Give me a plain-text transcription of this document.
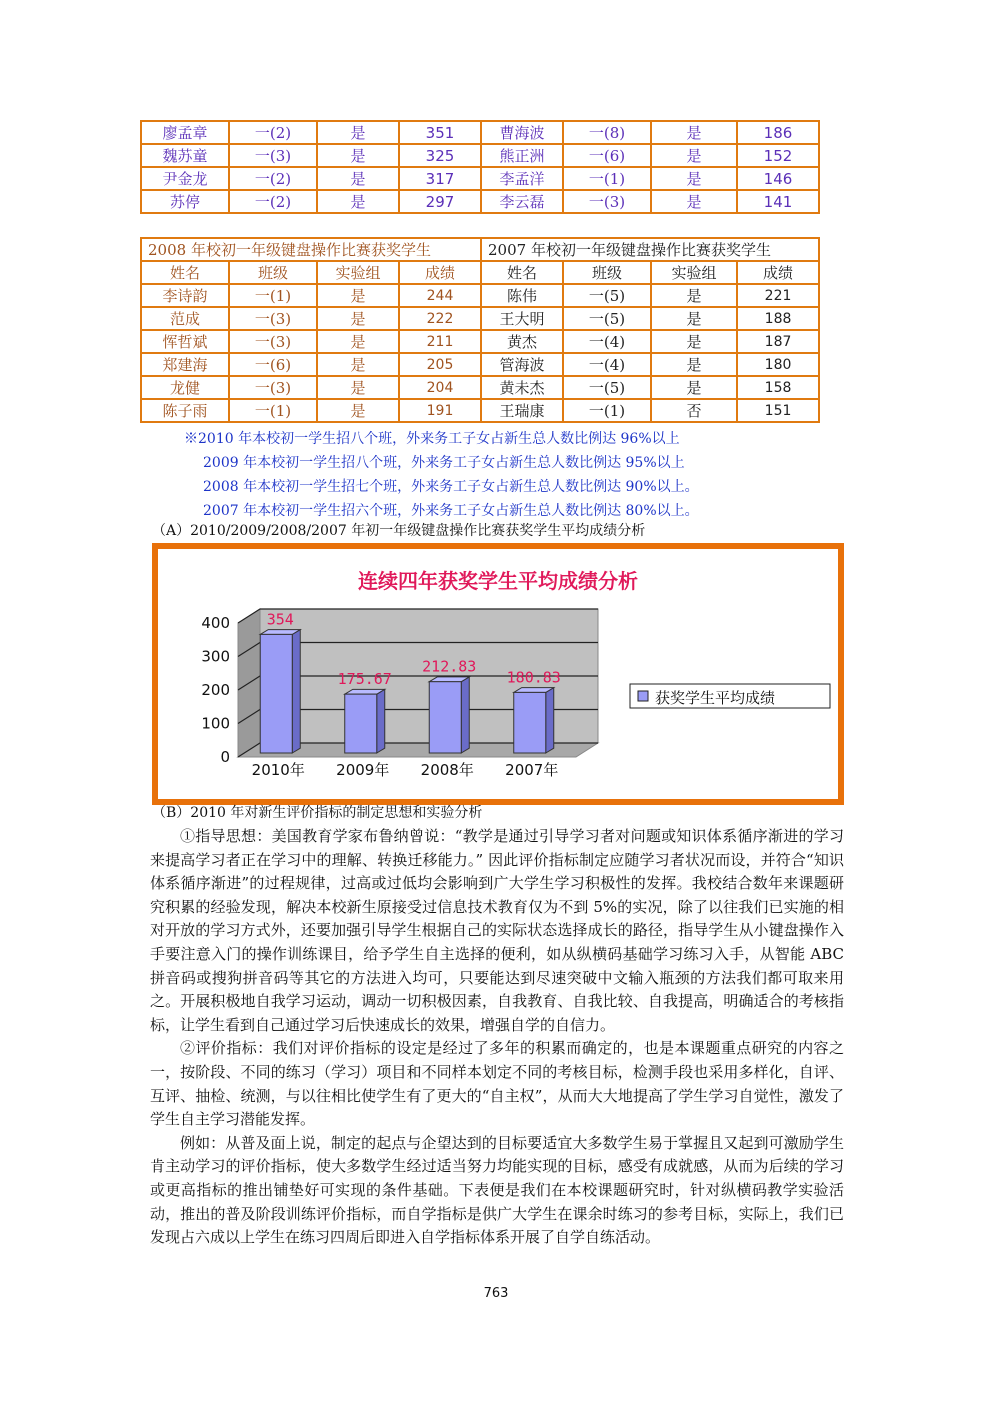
廖孟章	一(2)	是	351	曹海波	一(8)	是	186
魏苏童	一(3)	是	325	熊正洲	一(6)	是	152
尹金龙	一(2)	是	317	李孟洋	一(1)	是	146
苏停	一(2)	是	297	李云磊	一(3)	是	141
2008 年校初一年级键盘操作比赛获奖学生				2007 年校初一年级键盘操作比赛获奖学生			
姓名	班级	实验组	成绩	姓名	班级	实验组	成绩
李诗韵	一(1)	是	244	陈伟	一(5)	是	221
范成	一(3)	是	222	王大明	一(5)	是	188
恽哲斌	一(3)	是	211	黄杰	一(4)	是	187
郑建海	一(6)	是	205	管海波	一(4)	是	180
龙健	一(3)	是	204	黄未杰	一(5)	是	158
陈子雨	一(1)	是	191	王瑞康	一(1)	否	151
※2010 年本校初一学生招八个班，外来务工子女占新生总人数比例达 96%以上
2009 年本校初一学生招八个班，外来务工子女占新生总人数比例达 95%以上
2008 年本校初一学生招七个班，外来务工子女占新生总人数比例达 90%以上。
2007 年本校初一学生招六个班，外来务工子女占新生总人数比例达 80%以上。
（A）2010/2009/2008/2007 年初一年级键盘操作比赛获奖学生平均成绩分析
连续四年获奖学生平均成绩分析
0
100
200
300
400 354
2010年
175.67
2009年
212.83
2008年
180.83
2007年
获奖学生平均成绩
（B）2010 年对新生评价指标的制定思想和实验分析

①指导思想：美国教育学家布鲁纳曾说：“教学是通过引导学习者对问题或知识体系循序渐进的学习来提高学习者正在学习中的理解、转换迁移能力。” 因此评价指标制定应随学习者状况而设，并符合“知识体系循序渐进”的过程规律，过高或过低均会影响到广大学生学习积极性的发挥。我校结合数年来课题研究积累的经验发现，解决本校新生原接受过信息技术教育仅为不到 5%的实况，除了以往我们已实施的相对开放的学习方式外，还要加强引导学生根据自己的实际状态选择成长的路径，指导学生从小键盘操作入手要注意入门的操作训练课目，给予学生自主选择的便利，如从纵横码基础学习练习入手，从智能 ABC 拼音码或搜狗拼音码等其它的方法进入均可，只要能达到尽速突破中文输入瓶颈的方法我们都可取来用之。开展积极地自我学习运动，调动一切积极因素，自我教育、自我比较、自我提高，明确适合的考核指标，让学生看到自己通过学习后快速成长的效果，增强自学的自信力。

②评价指标：我们对评价指标的设定是经过了多年的积累而确定的，也是本课题重点研究的内容之一，按阶段、不同的练习（学习）项目和不同样本划定不同的考核目标，检测手段也采用多样化，自评、互评、抽检、统测，与以往相比使学生有了更大的“自主权”，从而大大地提高了学生学习自觉性，激发了学生自主学习潜能发挥。

例如：从普及面上说，制定的起点与企望达到的目标要适宜大多数学生易于掌握且又起到可激励学生肯主动学习的评价指标，使大多数学生经过适当努力均能实现的目标，感受有成就感，从而为后续的学习或更高指标的推出铺垫好可实现的条件基础。下表便是我们在本校课题研究时，针对纵横码教学实验活动，推出的普及阶段训练评价指标，而自学指标是供广大学生在课余时练习的参考目标，实际上，我们已发现占六成以上学生在练习四周后即进入自学指标体系开展了自学自练活动。

763
